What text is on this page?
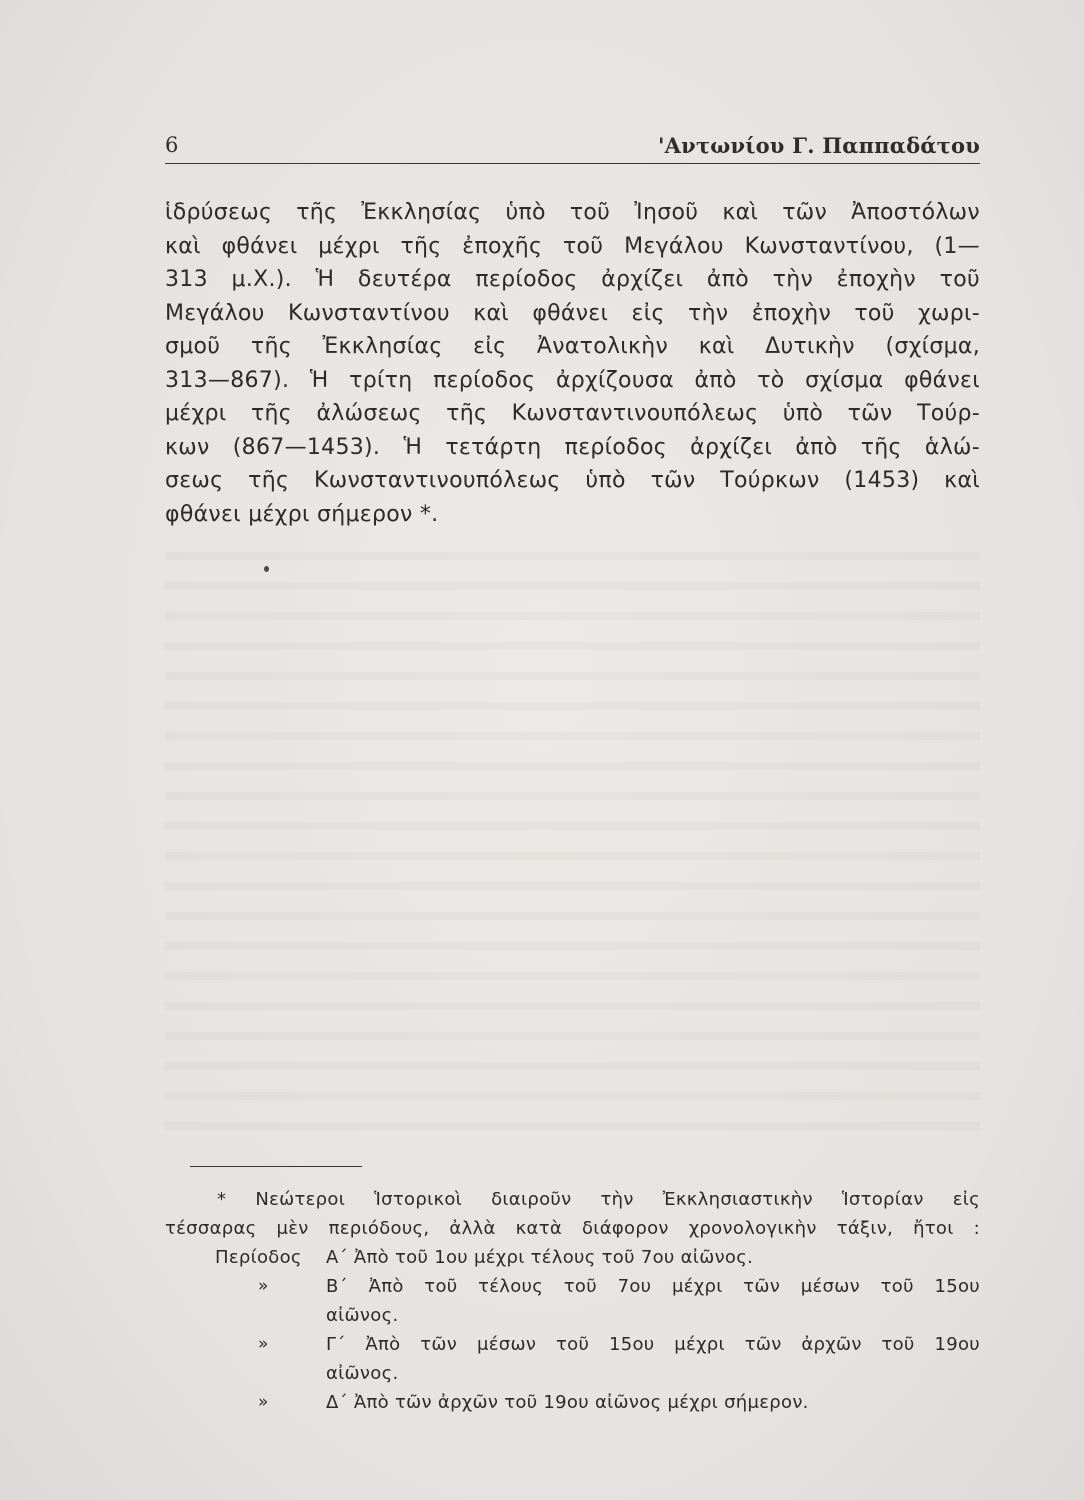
6	'Αντωνίου Γ. Παππαδάτου
ἱδρύσεως τῆς Ἐκκλησίας ὑπὸ τοῦ Ἰησοῦ καὶ τῶν Ἀποστόλων
καὶ φθάνει μέχρι τῆς ἐποχῆς τοῦ Μεγάλου Κωνσταντίνου, (1—
313 μ.Χ.). Ἡ δευτέρα περίοδος ἀρχίζει ἀπὸ τὴν ἐποχὴν τοῦ
Μεγάλου Κωνσταντίνου καὶ φθάνει εἰς τὴν ἐποχὴν τοῦ χωρι-
σμοῦ τῆς Ἐκκλησίας εἰς Ἀνατολικὴν καὶ Δυτικὴν (σχίσμα,
313—867). Ἡ τρίτη περίοδος ἀρχίζουσα ἀπὸ τὸ σχίσμα φθάνει
μέχρι τῆς ἀλώσεως τῆς Κωνσταντινουπόλεως ὑπὸ τῶν Τούρ-
κων (867—1453). Ἡ τετάρτη περίοδος ἀρχίζει ἀπὸ τῆς ἁλώ-
σεως τῆς Κωνσταντινουπόλεως ὑπὸ τῶν Τούρκων (1453) καὶ
φθάνει μέχρι σήμερον *.
* Νεώτεροι Ἱστορικοὶ διαιροῦν τὴν Ἐκκλησιαστικὴν Ἱστορίαν εἰς
τέσσαρας μὲν περιόδους, ἀλλὰ κατὰ διάφορον χρονολογικὴν τάξιν, ἤτοι :
Περίοδος Α΄ Ἀπὸ τοῦ 1ου μέχρι τέλους τοῦ 7ου αἰῶνος.
»	Β΄ Ἀπὸ τοῦ τέλους τοῦ 7ου μέχρι τῶν μέσων τοῦ 15ου
αἰῶνος.
»	Γ΄ Ἀπὸ τῶν μέσων τοῦ 15ου μέχρι τῶν ἀρχῶν τοῦ 19ου
αἰῶνος.
»	Δ΄ Ἀπὸ τῶν ἀρχῶν τοῦ 19ου αἰῶνος μέχρι σήμερον.
